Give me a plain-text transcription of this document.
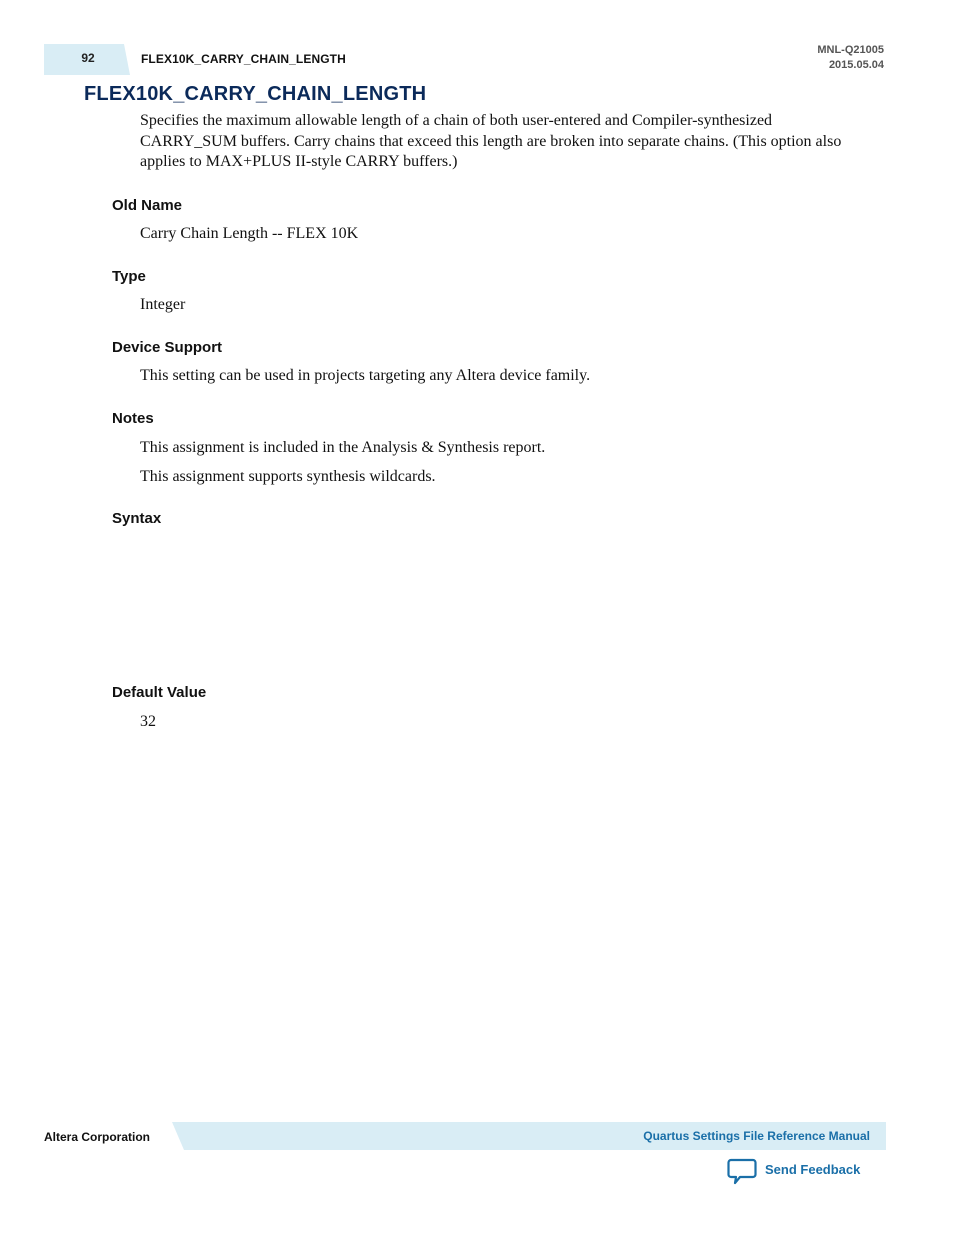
92	FLEX10K_CARRY_CHAIN_LENGTH
MNL-Q21005
2015.05.04
FLEX10K_CARRY_CHAIN_LENGTH
Specifies the maximum allowable length of a chain of both user-entered and Compiler-synthesized CARRY_SUM buffers. Carry chains that exceed this length are broken into separate chains. (This option also applies to MAX+PLUS II-style CARRY buffers.)
Old Name
Carry Chain Length -- FLEX 10K
Type
Integer
Device Support
This setting can be used in projects targeting any Altera device family.
Notes
This assignment is included in the Analysis & Synthesis report.
This assignment supports synthesis wildcards.
Syntax
Default Value
32
Altera Corporation	Quartus Settings File Reference Manual
Send Feedback
